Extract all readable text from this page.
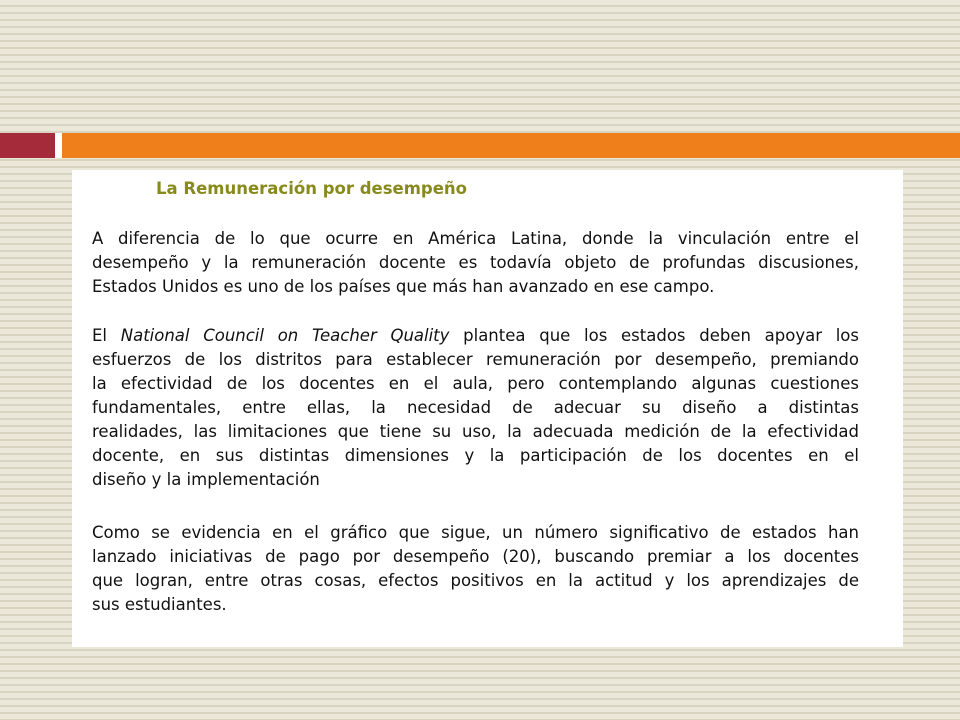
La Remuneración por desempeño
A diferencia de lo que ocurre en América Latina, donde la vinculación entre el
desempeño y la remuneración docente es todavía objeto de profundas discusiones,
Estados Unidos es uno de los países que más han avanzado en ese campo.
El National Council on Teacher Quality plantea que los estados deben apoyar los
esfuerzos de los distritos para establecer remuneración por desempeño, premiando
la efectividad de los docentes en el aula, pero contemplando algunas cuestiones
fundamentales, entre ellas, la necesidad de adecuar su diseño a distintas
realidades, las limitaciones que tiene su uso, la adecuada medición de la efectividad
docente, en sus distintas dimensiones y la participación de los docentes en el
diseño y la implementación
Como se evidencia en el gráfico que sigue, un número significativo de estados han
lanzado iniciativas de pago por desempeño (20), buscando premiar a los docentes
que logran, entre otras cosas, efectos positivos en la actitud y los aprendizajes de
sus estudiantes.
